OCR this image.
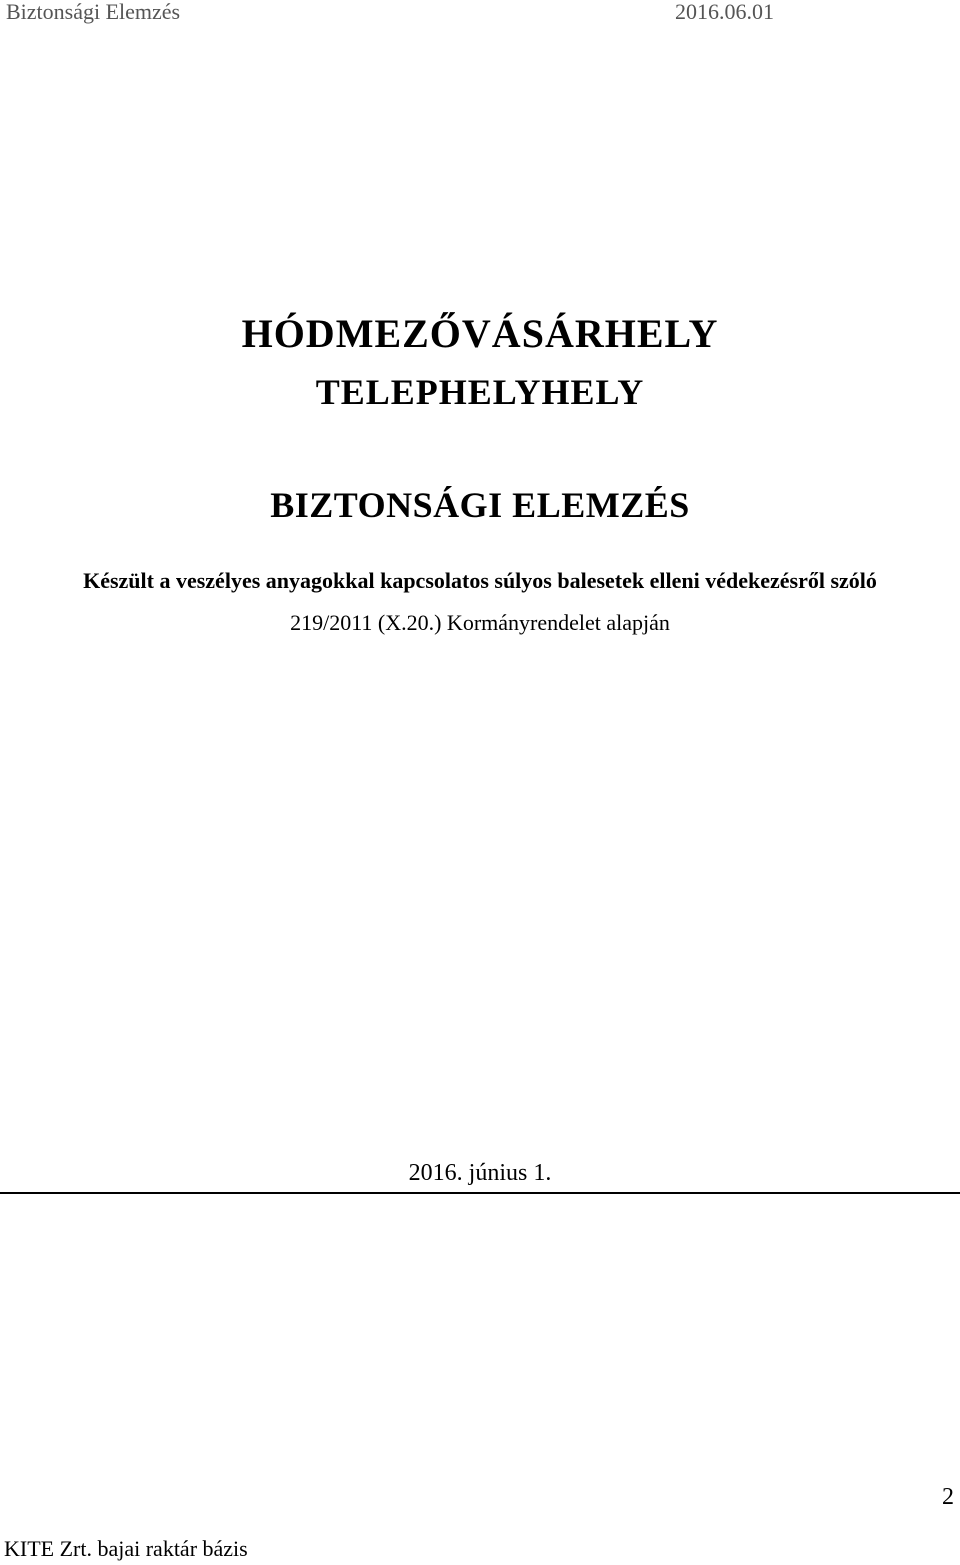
Biztonsági Elemzés	2016.06.01
HÓDMEZŐVÁSÁRHELY
TELEPHELYHELY
BIZTONSÁGI ELEMZÉS
Készült a veszélyes anyagokkal kapcsolatos súlyos balesetek elleni védekezésről szóló
219/2011 (X.20.) Kormányrendelet alapján
2016. június 1.
2
KITE Zrt. bajai raktár bázis
